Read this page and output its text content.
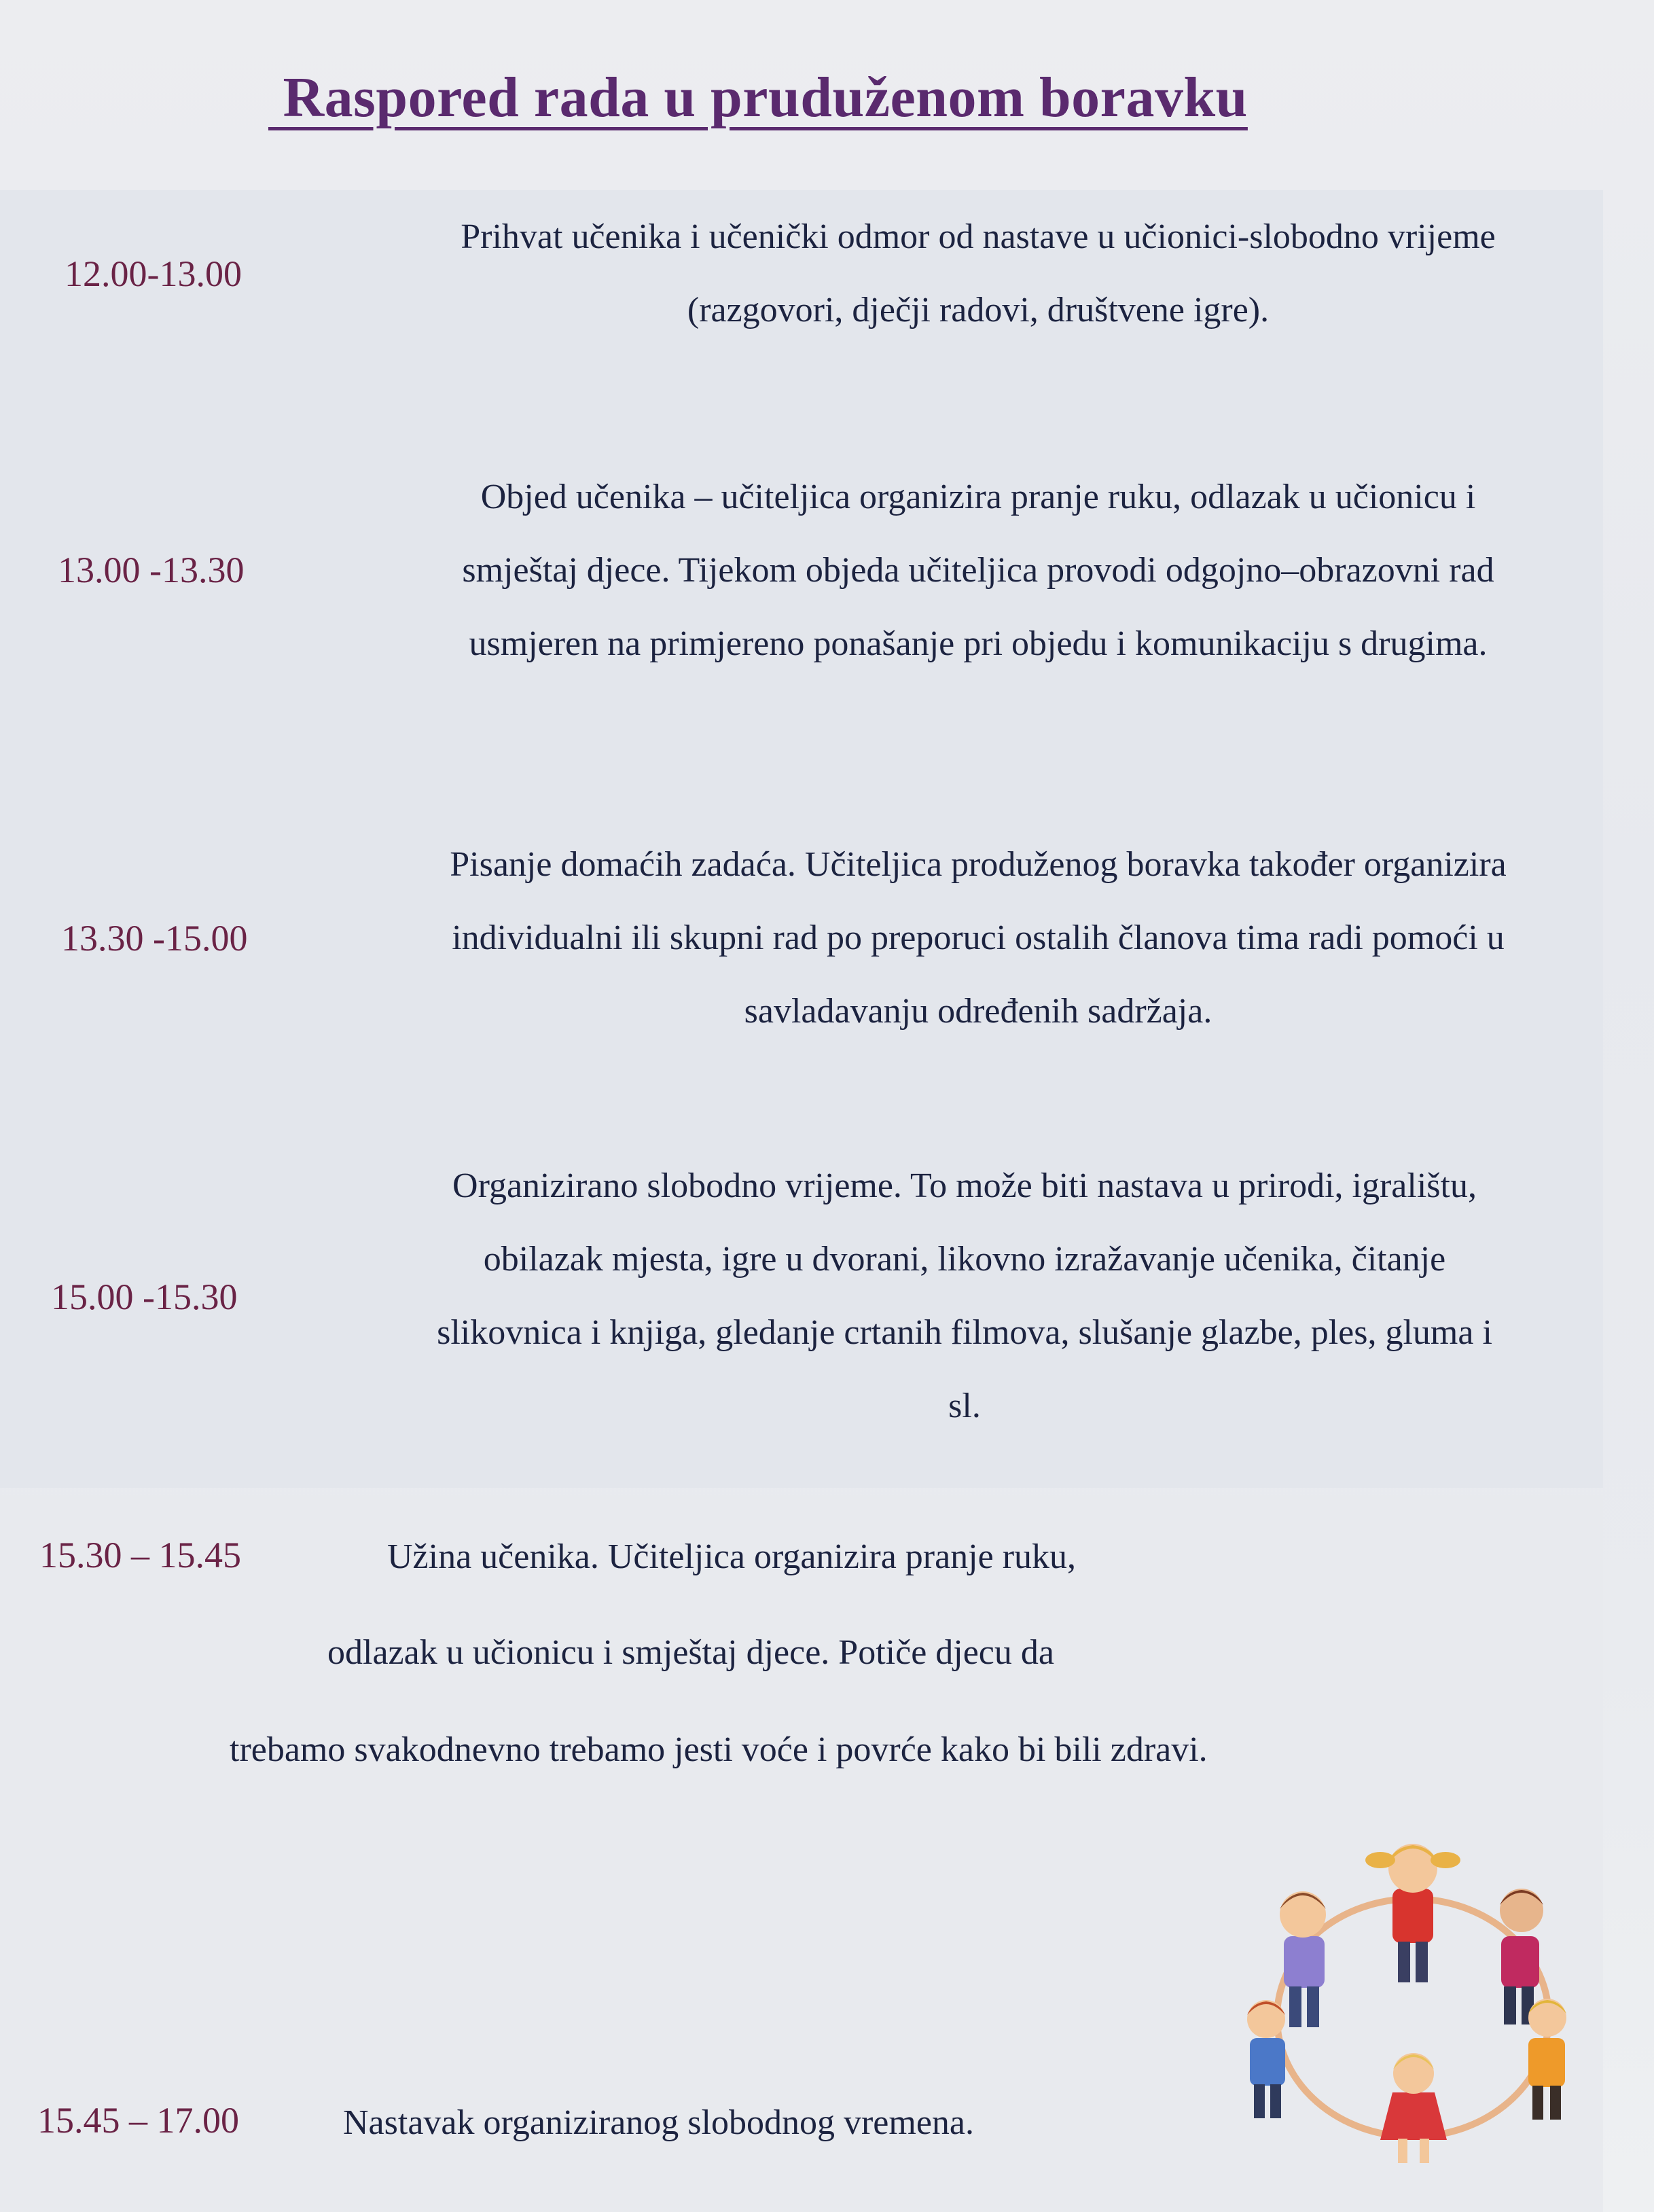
Raspored rada u pruduženom boravku
12.00-13.00
Prihvat učenika i učenički odmor od nastave u učionici-slobodno vrijeme
(razgovori, dječji radovi, društvene igre).
13.00 -13.30
Objed učenika – učiteljica organizira pranje ruku, odlazak u učionicu i
smještaj djece. Tijekom objeda učiteljica provodi odgojno–obrazovni rad
usmjeren na primjereno ponašanje pri objedu i komunikaciju s drugima.
13.30 -15.00
Pisanje domaćih zadaća. Učiteljica produženog boravka također organizira
individualni ili skupni rad po preporuci ostalih članova tima radi pomoći u
savladavanju određenih sadržaja.
15.00 -15.30
Organizirano slobodno vrijeme. To može biti nastava u prirodi, igralištu,
obilazak mjesta, igre u dvorani, likovno izražavanje učenika, čitanje
slikovnica i knjiga, gledanje crtanih filmova, slušanje glazbe, ples, gluma i
sl.
15.30 – 15.45	Užina učenika. Učiteljica organizira pranje ruku,
odlazak u učionicu i smještaj djece. Potiče djecu da
trebamo svakodnevno trebamo jesti voće i povrće kako bi bili zdravi.
15.45 – 17.00	Nastavak organiziranog slobodnog vremena.
